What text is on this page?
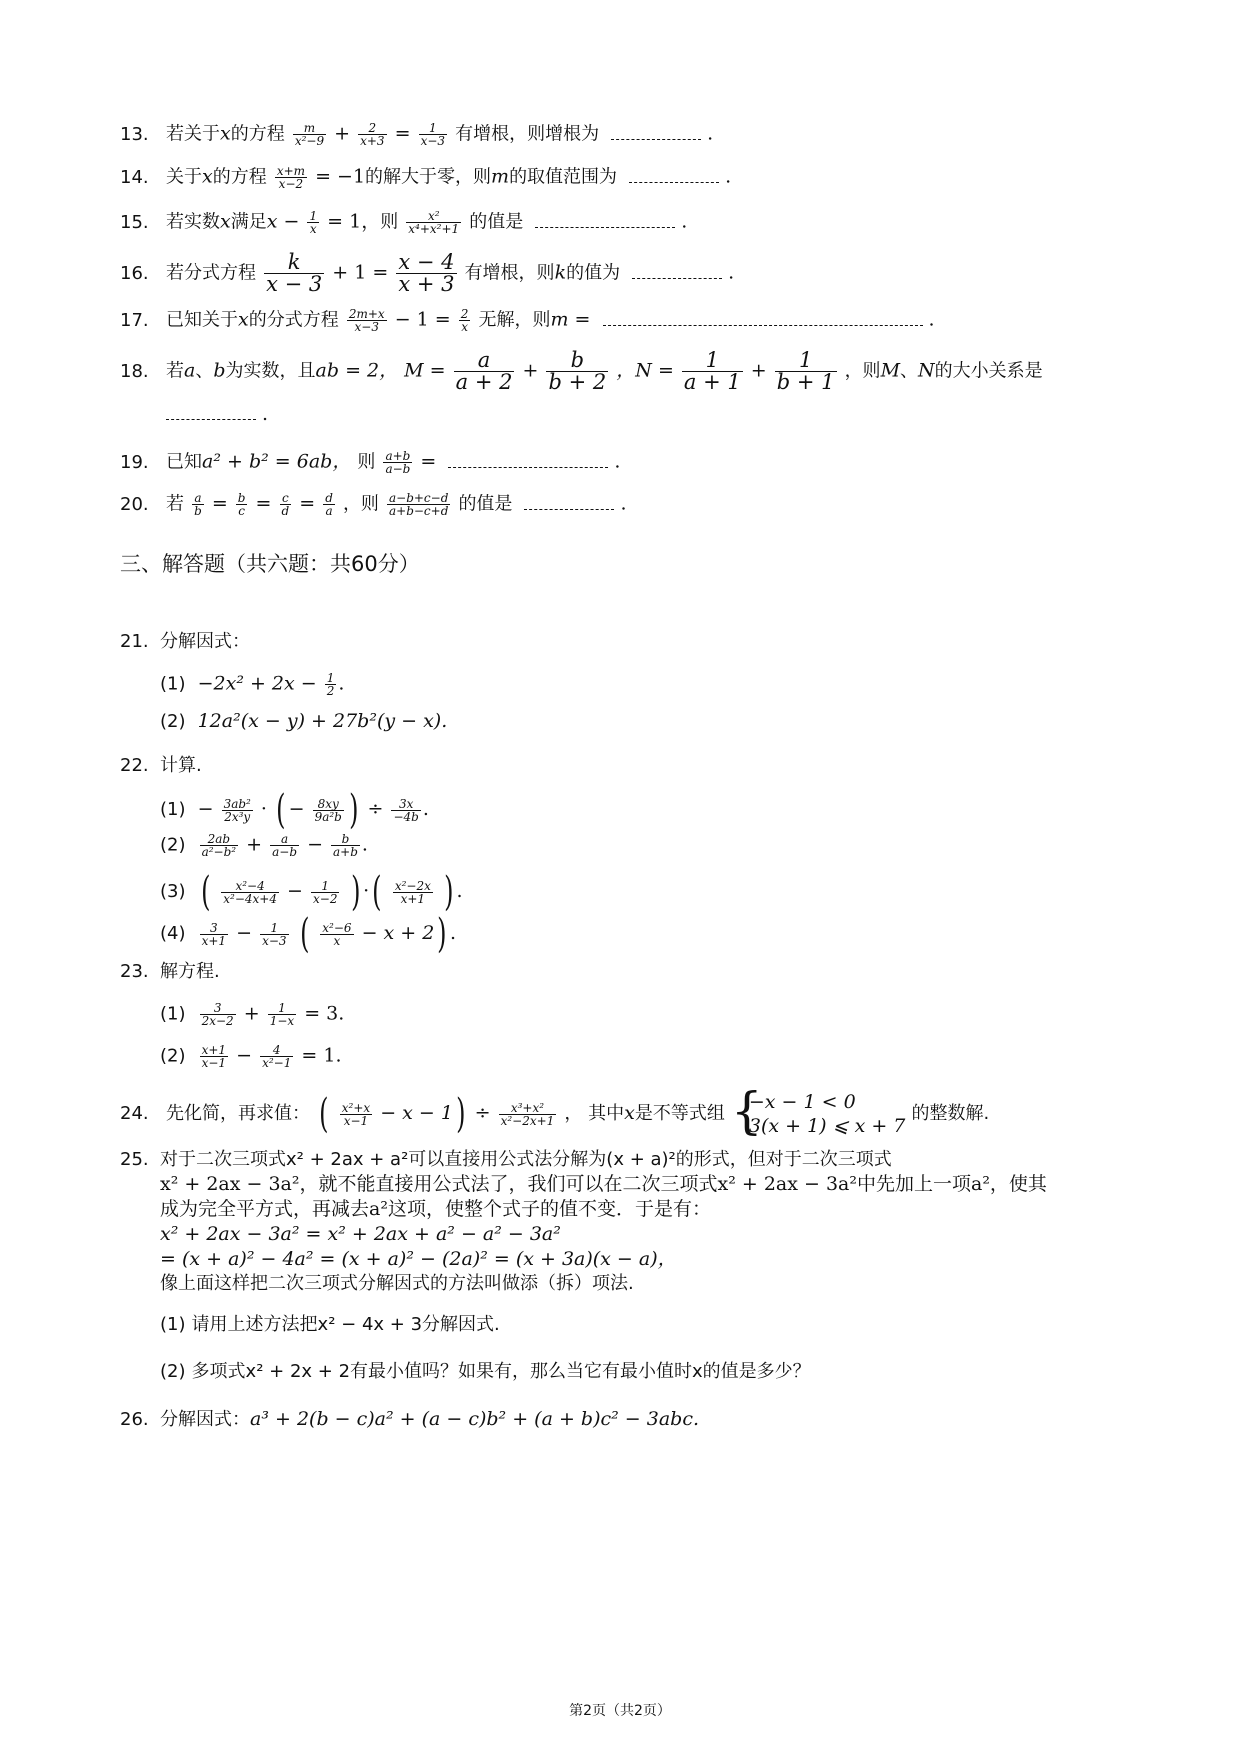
13. 若关于x的方程 $\frac{m}{\text{x²−9}} + \frac{2}{x+3} = \frac{1}{x-3}$ 有增根，则增根为	.
14. 关于x的方程 $\frac{x+m}{x-2} = -1$的解大于零，则m的取值范围为	.
15. 若实数x满足$x - \frac{1}{x} = 1$，则 $\frac{\text{x²}}{\text{x⁴+x²+1}}$ 的值是	.
16. 若分式方程 $\frac{k}{x - 3} + 1 = \frac{x - 4}{x + 3}$ 有增根，则k的值为	.
17. 已知关于x的分式方程 $\frac{2m+x}{x-3} - 1 = \frac{2}{x}$ 无解，则m =	.
18. 若a、b为实数，且ab = 2， $M = \frac{a}{a + 2} + \frac{b}{b + 2}$ ，$N = \frac{1}{a + 1} + \frac{1}{b + 1}$ ，则M、N的大小关系是
.
19. 已知a² + b² = 6ab， 则 $\frac{a+b}{a-b}$ =	.
20. 若 $\frac{a}{b} = \frac{b}{c} = \frac{c}{d} = \frac{d}{a}$ ，则 $\frac{a-b+c-d}{a+b-c+d}$ 的值是	.
三、解答题（共六题：共60分）
21. 分解因式：
$(1) -2x^2 + 2x - \frac{1}{2}$ .
(2) 12a²(x − y) + 27b²(y − x).
22. 计算.
$(1) - \frac{\text{3ab²}}{\text{2x³y}}$ · ( − $\frac{8xy}{\text{9a²b}}$ ) ÷ $\frac{3x}{-4b}$ .
$(2) \frac{2ab}{\text{a²−b²}} + \frac{a}{a-b} - \frac{b}{a+b}$ .
(3) ( $\frac{\text{x²−4}}{\text{x²−4x+4}} - \frac{1}{x-2}$ ) ·( $\frac{\text{x²−2x}}{x+1}$ ) .
$(4) \frac{3}{x+1} - \frac{1}{x-3}$ ( $\frac{\text{x²−6}}{x} - x + 2$) .
23. 解方程.
$(1) \frac{3}{2x-2} + \frac{1}{1-x} = 3$.
$(2) \frac{x+1}{x-1} - \frac{4}{\text{x²−1}} = 1$.
24. 先化简，再求值： ( $\frac{\text{x²+x}}{x-1} - x - 1) \div \frac{\text{x³+x²}}{\text{x²−2x+1}}$ ， 其中x是不等式组 {
−x − 1 < 0
3(x + 1) ⩽ x + 7
的整数解.
25. 对于二次三项式x² + 2ax + a²可以直接用公式法分解为(x + a)²的形式，但对于二次三项式
x² + 2ax − 3a²，就不能直接用公式法了，我们可以在二次三项式x² + 2ax − 3a²中先加上一项a²，使其
成为完全平方式，再减去a²这项，使整个式子的值不变．于是有：
x² + 2ax − 3a² = x² + 2ax + a² − a² − 3a²
= (x + a)² − 4a² = (x + a)² − (2a)² = (x + 3a)(x − a)，
像上面这样把二次三项式分解因式的方法叫做添（拆）项法.
(1) 请用上述方法把x² − 4x + 3分解因式.
(2) 多项式x² + 2x + 2有最小值吗？如果有，那么当它有最小值时x的值是多少？
26. 分解因式：a³ + 2(b − c)a² + (a − c)b² + (a + b)c² − 3abc.
第2页（共2页）
